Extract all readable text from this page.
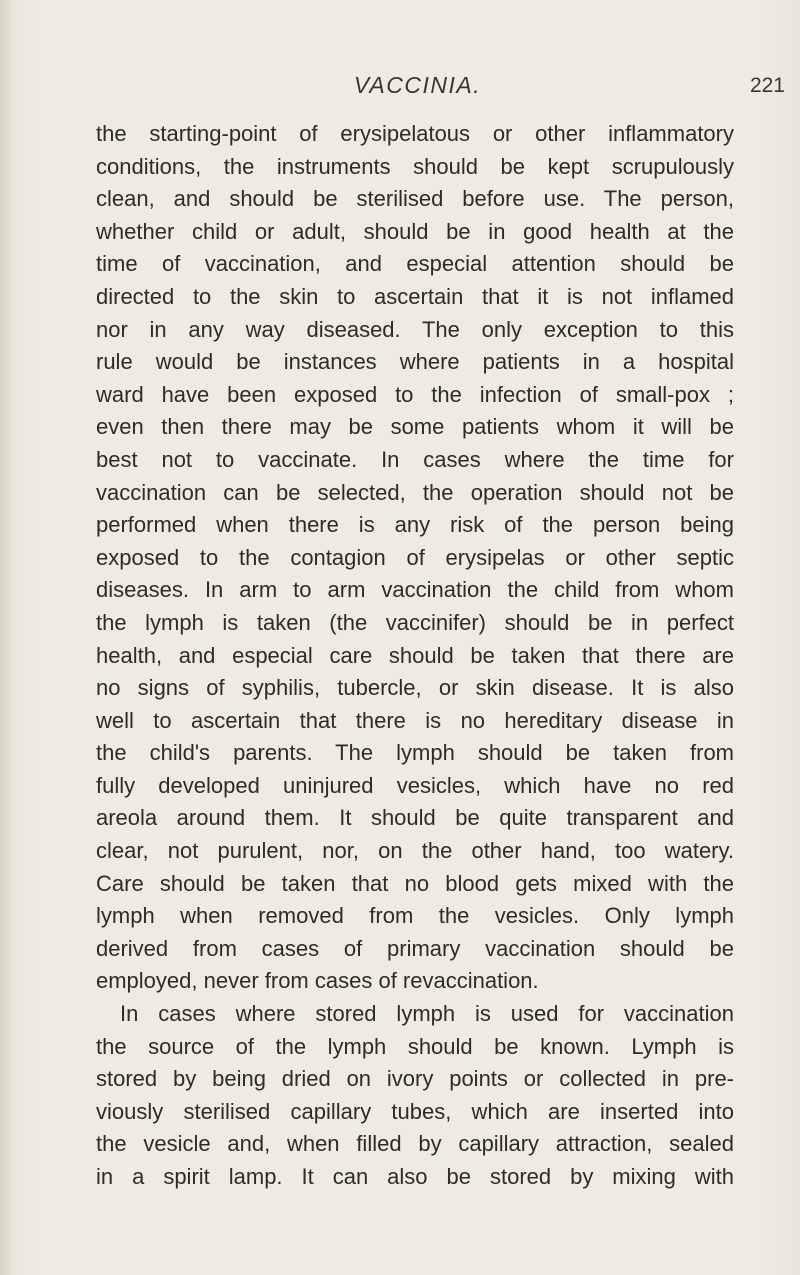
VACCINIA.	221
the starting-point of erysipelatous or other inflammatory
conditions, the instruments should be kept scrupulously
clean, and should be sterilised before use. The person,
whether child or adult, should be in good health at the
time of vaccination, and especial attention should be
directed to the skin to ascertain that it is not inflamed
nor in any way diseased. The only exception to this
rule would be instances where patients in a hospital
ward have been exposed to the infection of small-pox ;
even then there may be some patients whom it will be
best not to vaccinate. In cases where the time for
vaccination can be selected, the operation should not be
performed when there is any risk of the person being
exposed to the contagion of erysipelas or other septic
diseases. In arm to arm vaccination the child from whom
the lymph is taken (the vaccinifer) should be in perfect
health, and especial care should be taken that there are
no signs of syphilis, tubercle, or skin disease. It is also
well to ascertain that there is no hereditary disease in
the child's parents. The lymph should be taken from
fully developed uninjured vesicles, which have no red
areola around them. It should be quite transparent and
clear, not purulent, nor, on the other hand, too watery.
Care should be taken that no blood gets mixed with the
lymph when removed from the vesicles. Only lymph
derived from cases of primary vaccination should be
employed, never from cases of revaccination.
In cases where stored lymph is used for vaccination
the source of the lymph should be known. Lymph is
stored by being dried on ivory points or collected in pre-
viously sterilised capillary tubes, which are inserted into
the vesicle and, when filled by capillary attraction, sealed
in a spirit lamp. It can also be stored by mixing with
